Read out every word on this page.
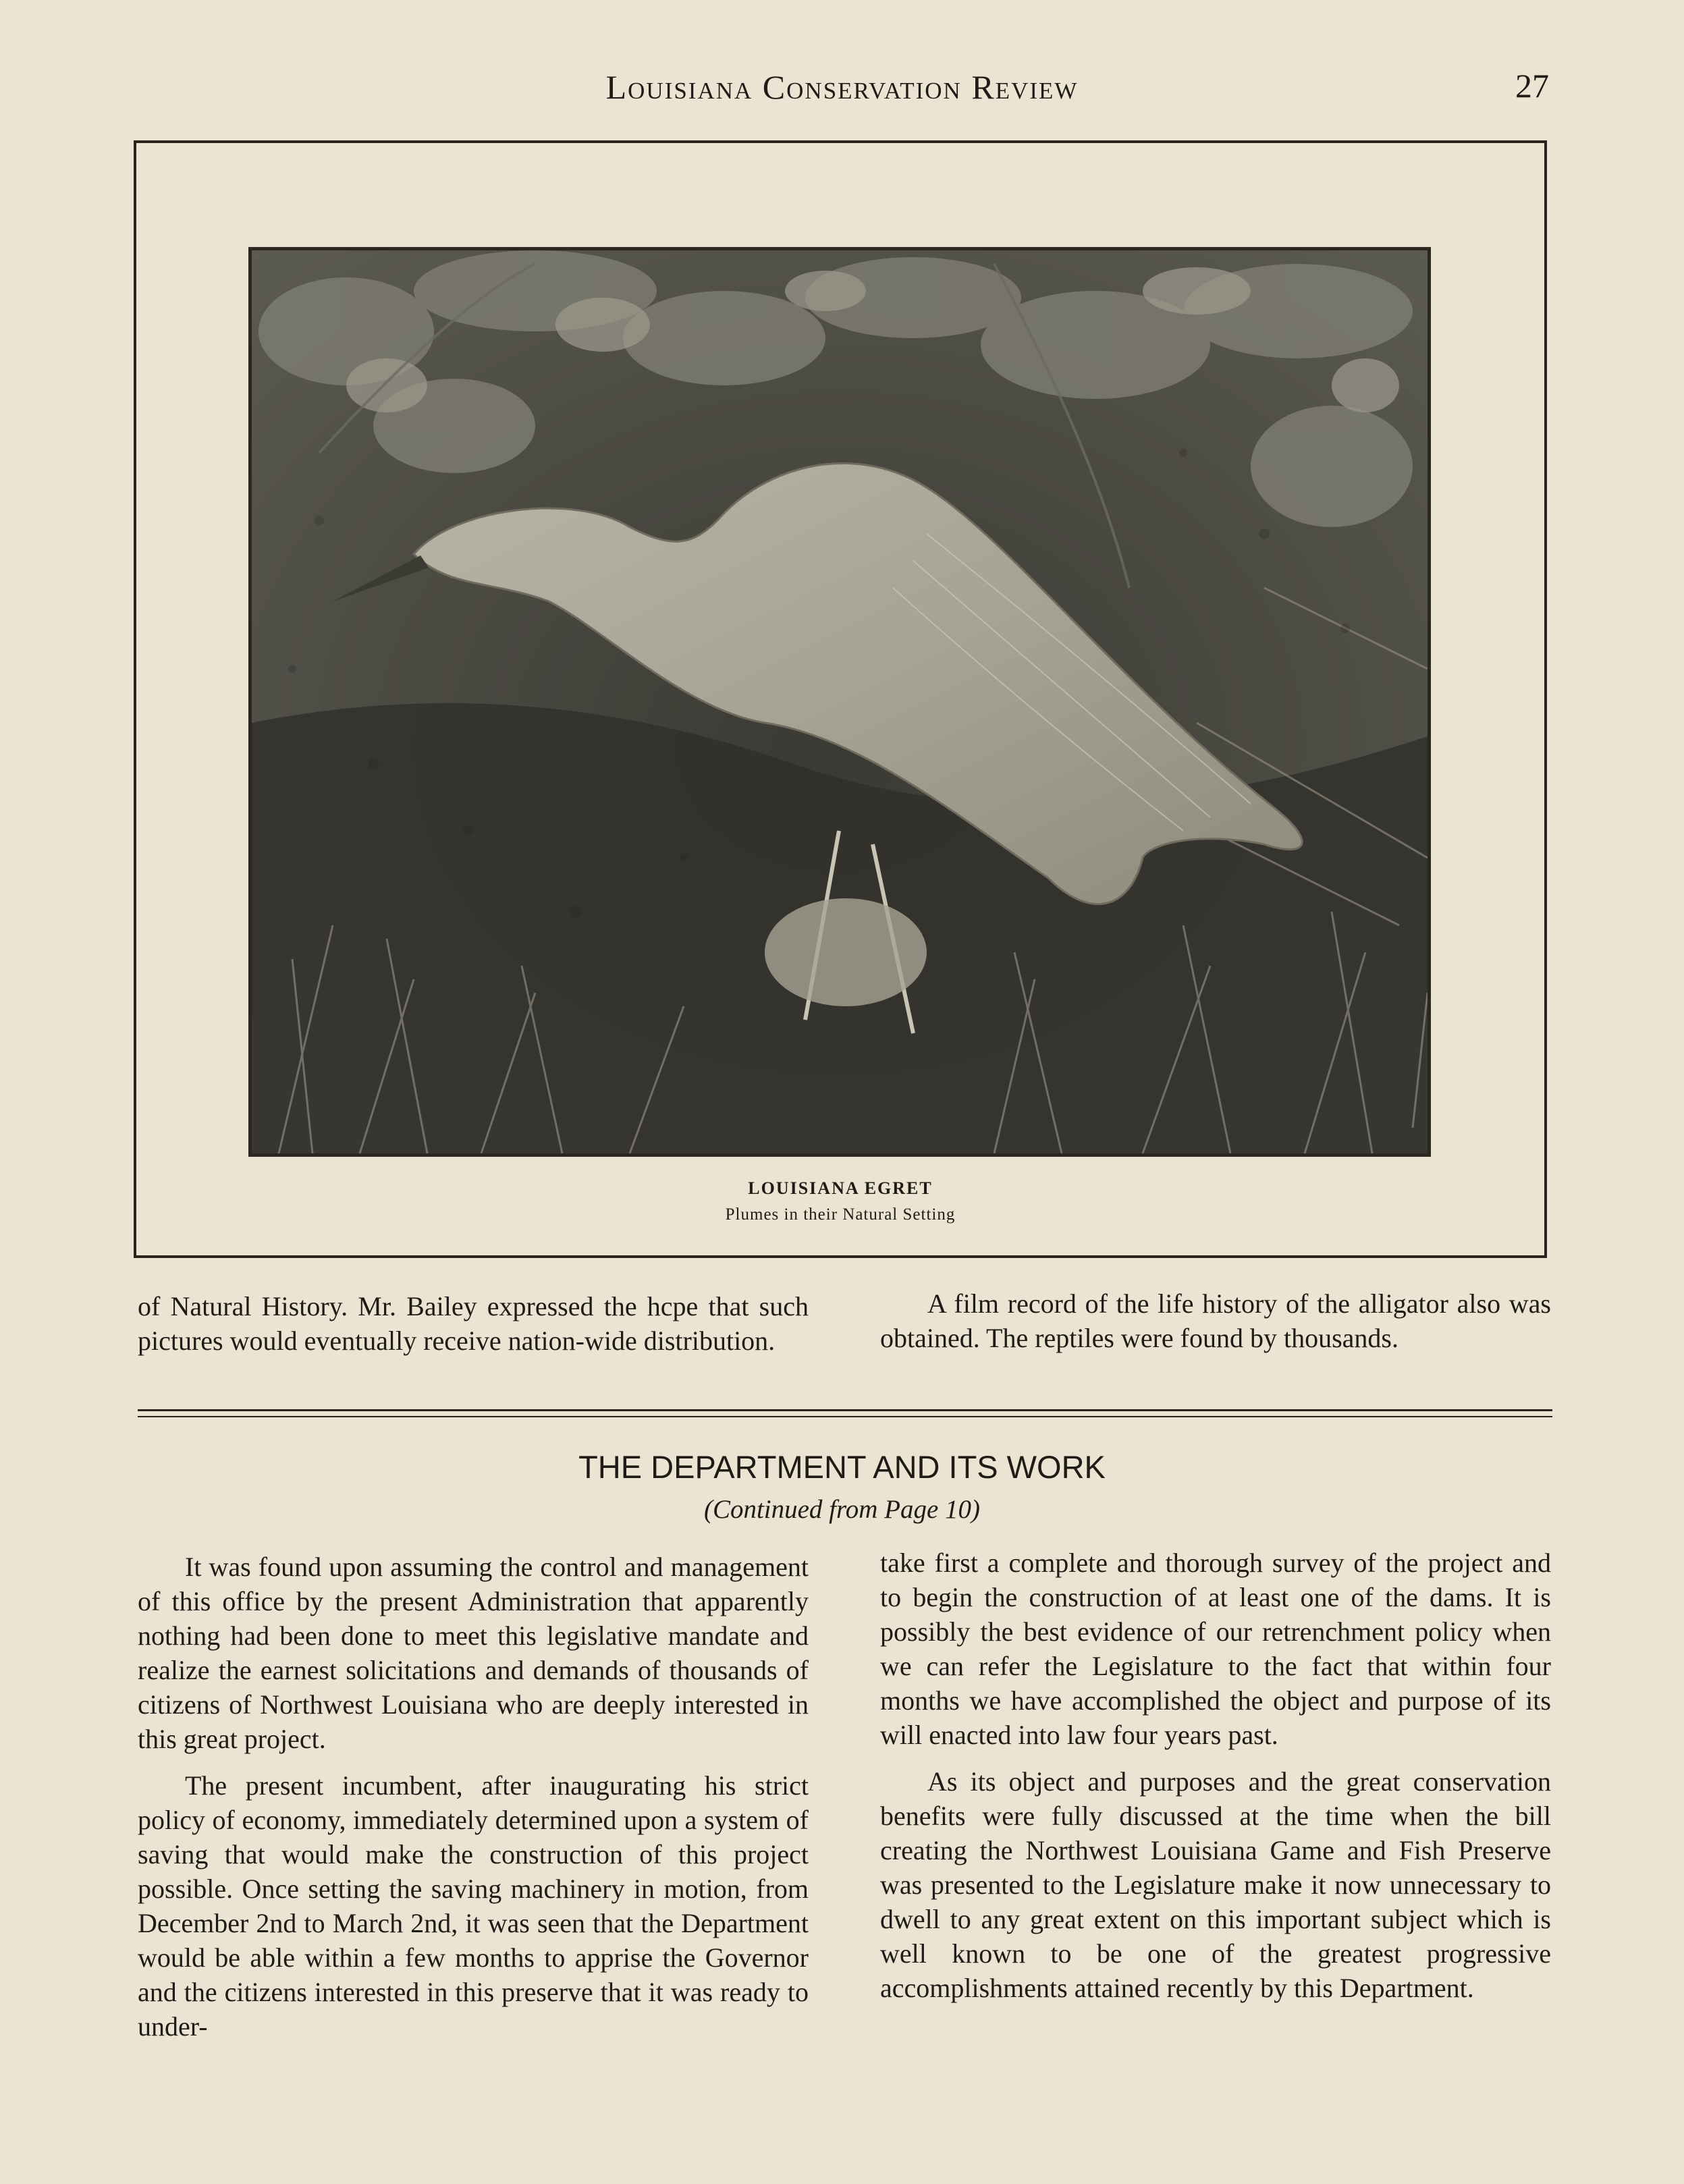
Louisiana Conservation Review	27
LOUISIANA EGRET
Plumes in their Natural Setting

of Natural History. Mr. Bailey expressed the hcpe that such pictures would eventually receive nation-wide distribution.

A film record of the life history of the alligator also was obtained. The reptiles were found by thousands.

THE DEPARTMENT AND ITS WORK
(Continued from Page 10)

It was found upon assuming the control and management of this office by the present Administration that apparently nothing had been done to meet this legislative mandate and realize the earnest solicitations and demands of thousands of citizens of Northwest Louisiana who are deeply interested in this great project.

The present incumbent, after inaugurating his strict policy of economy, immediately determined upon a system of saving that would make the construction of this project possible. Once setting the saving machinery in motion, from December 2nd to March 2nd, it was seen that the Department would be able within a few months to apprise the Governor and the citizens interested in this preserve that it was ready to under-

take first a complete and thorough survey of the project and to begin the construction of at least one of the dams. It is possibly the best evidence of our retrenchment policy when we can refer the Legislature to the fact that within four months we have accomplished the object and purpose of its will enacted into law four years past.

As its object and purposes and the great conservation benefits were fully discussed at the time when the bill creating the Northwest Louisiana Game and Fish Preserve was presented to the Legislature make it now unnecessary to dwell to any great extent on this important subject which is well known to be one of the greatest progressive accomplishments attained recently by this Department.
